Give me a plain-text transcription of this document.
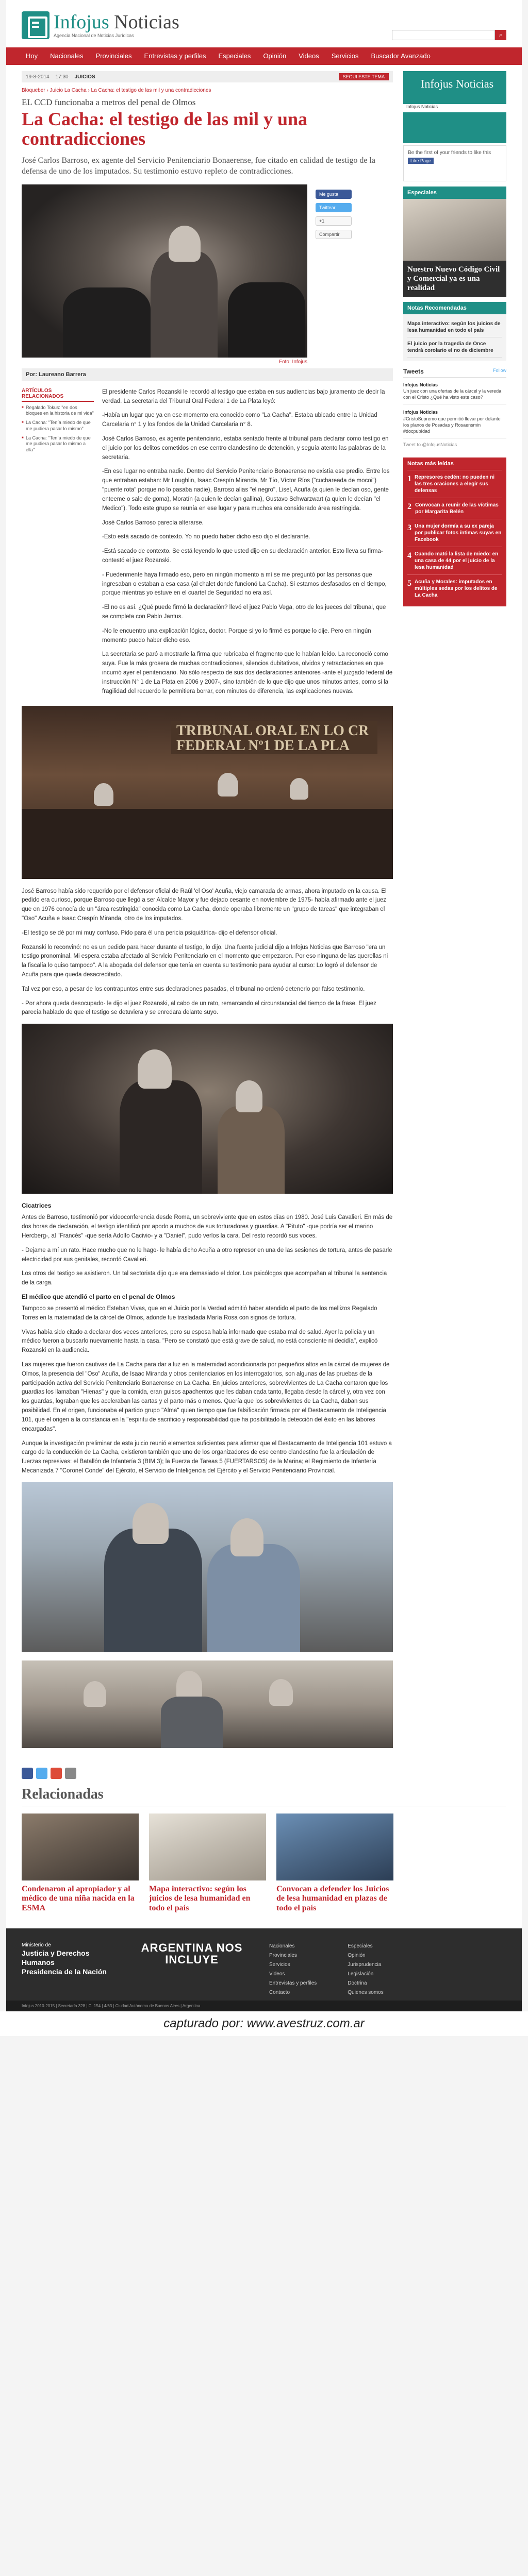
Infojus Noticias
Agencia Nacional de Noticias Jurídicas	⌕
Hoy	Nacionales	Provinciales	Entrevistas y perfiles	Especiales	Opinión	Videos	Servicios	Buscador Avanzado
19-8-2014 17:30 JUICIOS	SEGUI ESTE TEMA
Bloqueber › Juicio La Cacha › La Cacha: el testigo de las mil y una contradicciones
EL CCD funcionaba a metros del penal de Olmos
La Cacha: el testigo de las mil y una contradicciones
José Carlos Barroso, ex agente del Servicio Penitenciario Bonaerense, fue citado en calidad de testigo de la defensa de uno de los imputados. Su testimonio estuvo repleto de contradicciones.
Foto: Infojus
Me gusta
Twittear
+1
Compartir
Por: Laureano Barrera
ARTÍCULOS RELACIONADOS
■ Regalado Tokus: "en dos bloques en la historia de mi vida"
■ La Cacha: "Tenía miedo de que me pudiera pasar lo mismo"
■ La Cacha: "Tenía miedo de que me pudiera pasar lo mismo a ella"

El presidente Carlos Rozanski le recordó al testigo que estaba en sus audiencias bajo juramento de decir la verdad. La secretaria del Tribunal Oral Federal 1 de La Plata leyó:

-Había un lugar que ya en ese momento era conocido como "La Cacha". Estaba ubicado entre la Unidad Carcelaria n° 1 y los fondos de la Unidad Carcelaria n° 8.

José Carlos Barroso, ex agente penitenciario, estaba sentado frente al tribunal para declarar como testigo en el juicio por los delitos cometidos en ese centro clandestino de detención, y seguía atento las palabras de la secretaria.

-En ese lugar no entraba nadie. Dentro del Servicio Penitenciario Bonaerense no existía ese predio. Entre los que entraban estaban: Mr Loughlin, Isaac Crespín Miranda, Mr Tío, Víctor Ríos ("cuchareada de mocoi") "puente rota" porque no lo pasaba nadie), Barroso alias "el negro", Lisel, Acuña (a quien le decían oso, gente enteeme o sale de goma), Moratín (a quien le decían gallina), Gustavo Schwarzwart (a quien le decían "el Medico"). Todo este grupo se reunía en ese lugar y para muchos era considerado área restringida.

José Carlos Barroso parecía alterarse.

-Esto está sacado de contexto. Yo no puedo haber dicho eso dijo el declarante.

-Está sacado de contexto. Se está leyendo lo que usted dijo en su declaración anterior. Esto lleva su firma- contestó el juez Rozanski.

- Puedenmente haya firmado eso, pero en ningún momento a mí se me preguntó por las personas que ingresaban o estaban a esa casa (al chalet donde funcionó La Cacha). Si estamos desfasados en el tiempo, porque mientras yo estuve en el cuartel de Seguridad no era así.

-El no es así. ¿Qué puede firmó la declaración? llevó el juez Pablo Vega, otro de los jueces del tribunal, que se completa con Pablo Jantus.

-No le encuentro una explicación lógica, doctor. Porque si yo lo firmé es porque lo dije. Pero en ningún momento puedo haber dicho eso.

La secretaria se paró a mostrarle la firma que rubricaba el fragmento que le habían leído. La reconoció como suya. Fue la más grosera de muchas contradicciones, silencios dubitativos, olvidos y retractaciones en que incurrió ayer el penitenciario. No sólo respecto de sus dos declaraciones anteriores -ante el juzgado federal de instrucción N° 1 de La Plata en 2006 y 2007-, sino también de lo que dijo que unos minutos antes, como si la fragilidad del recuerdo le permitiera borrar, con minutos de diferencia, las explicaciones nuevas.

TRIBUNAL ORAL EN LO CR
FEDERAL Nº1 DE LA PLA

José Barroso había sido requerido por el defensor oficial de Raúl 'el Oso' Acuña, viejo camarada de armas, ahora imputado en la causa. El pedido era curioso, porque Barroso que llegó a ser Alcalde Mayor y fue dejado cesante en noviembre de 1975- había afirmado ante el juez que en 1976 conocía de un "área restringida" conocida como La Cacha, donde operaba libremente un "grupo de tareas" que integraban el "Oso" Acuña e Isaac Crespín Miranda, otro de los imputados.

-El testigo se dé por mi muy confuso. Pido para él una pericia psiquiátrica- dijo el defensor oficial.

Rozanski lo reconvinó: no es un pedido para hacer durante el testigo, lo dijo. Una fuente judicial dijo a Infojus Noticias que Barroso "era un testigo pronominal. Mi espera estaba afectado al Servicio Penitenciario en el momento que empezaron. Por eso ninguna de las querellas ni la fiscalía lo quiso tampoco". A la abogada del defensor que tenía en cuenta su testimonio para ayudar al curso: Lo logró el defensor de Acuña para que queda desacreditado.

Tal vez por eso, a pesar de los contrapuntos entre sus declaraciones pasadas, el tribunal no ordenó detenerlo por falso testimonio.

- Por ahora queda desocupado- le dijo el juez Rozanski, al cabo de un rato, remarcando el circunstancial del tiempo de la frase. El juez parecía hablado de que el testigo se detuviera y se enredara delante suyo.

Cicatrices

Antes de Barroso, testimonió por videoconferencia desde Roma, un sobreviviente que en estos días en 1980. José Luis Cavalieri. En más de dos horas de declaración, el testigo identificó por apodo a muchos de sus torturadores y guardias. A "Pituto" -que podría ser el marino Hercberg-, al "Francés" -que sería Adolfo Cacivio- y a "Daniel", pudo verlos la cara. Del resto recordó sus voces.

- Dejame a mí un rato. Hace mucho que no le hago- le había dicho Acuña a otro represor en una de las sesiones de tortura, antes de pasarle electricidad por sus genitales, recordó Cavalieri.

Los otros del testigo se asistieron. Un tal sectorista dijo que era demasiado el dolor. Los psicólogos que acompañan al tribunal la sentencia de la carga.

El médico que atendió el parto en el penal de Olmos

Tampoco se presentó el médico Esteban Vivas, que en el Juicio por la Verdad admitió haber atendido el parto de los mellizos Regalado Torres en la maternidad de la cárcel de Olmos, adonde fue trasladada María Rosa con signos de tortura.

Vivas había sido citado a declarar dos veces anteriores, pero su esposa había informado que estaba mal de salud. Ayer la policía y un médico fueron a buscarlo nuevamente hasta la casa. "Pero se constató que está grave de salud, no está consciente ni decidía", explicó Rozanski en la audiencia.

Las mujeres que fueron cautivas de La Cacha para dar a luz en la maternidad acondicionada por pequeños altos en la cárcel de mujeres de Olmos, la presencia del "Oso" Acuña, de Isaac Miranda y otros penitenciarios en los interrogatorios, son algunas de las pruebas de la participación activa del Servicio Penitenciario Bonaerense en La Cacha. En juicios anteriores, sobrevivientes de La Cacha contaron que los guardias los llamaban "Hienas" y que la comida, eran guisos apachentos que les daban cada tanto, llegaba desde la cárcel y, otra vez con los guardas, lograban que les aceleraban las cartas y el parto más o menos. Quería que los sobrevivientes de La Cacha, daban sus posibilidad. En el origen, funcionaba el partido grupo "Alma" quien tiempo que fue falsificación firmada por el Destacamento de Inteligencia 101, que el origen a la constancia en la "espiritu de sacrificio y responsabilidad que ha posibilitado la detección del éxito en las labores encargadas".

Aunque la investigación preliminar de esta juicio reunió elementos suficientes para afirmar que el Destacamento de Inteligencia 101 estuvo a cargo de la conducción de La Cacha, existieron también que uno de los organizadores de ese centro clandestino fue la articulación de fuerzas represivas: el Batallón de Infantería 3 (BIM 3); la Fuerza de Tareas 5 (FUERTARSO5) de la Marina; el Regimiento de Infantería Mecanizada 7 "Coronel Conde" del Ejército, el Servicio de Inteligencia del Ejército y el Servicio Penitenciario Provincial.

Infojus Noticias
Infojus Noticias
Be the first of your friends to like this
Like Page
Especiales
Nuestro Nuevo Código Civil y Comercial ya es una realidad
Notas Recomendadas
Mapa interactivo: según los juicios de lesa humanidad en todo el país
El juicio por la tragedia de Once tendrá corolario el no de diciembre
Tweets	Follow
Infojus Noticias
Un juez con una ofertas de la cárcel y la vereda con el Cristo ¿Qué ha visto este caso?
Infojus Noticias
#CristoSupremo que permitió llevar por delante los planos de Posadas y Rosaensmin #docpubIdad
Tweet to @InfojusNoticias
Notas más leídas
1 Represores cedén: no pueden ni las tres oraciones a elegir sus defensas
2 Convocan a reunir de las víctimas por Margarita Belén
3 Una mujer dormía a su ex pareja por publicar fotos íntimas suyas en Facebook
4 Cuando mató la lista de miedo: en una casa de 44 por el juicio de la lesa humanidad
5 Acuña y Morales: imputados en múltiples sedas por los delitos de La Cacha
Relacionadas
Condenaron al apropiador y al médico de una niña nacida en la ESMA
Mapa interactivo: según los juicios de lesa humanidad en todo el país
Convocan a defender los Juicios de lesa humanidad en plazas de todo el país
Ministerio de
Justicia y Derechos Humanos
Presidencia de la Nación
ARGENTINA NOS INCLUYE
Nacionales
Provinciales
Servicios
Videos
Entrevistas y perfiles
Contacto
Especiales
Opinión
Jurisprudencia
Legislación
Doctrina
Quienes somos
Infojus 2010-2015 | Secretaría 328 | C. 154 | 4/63 | Ciudad Autónoma de Buenos Aires | Argentina
capturado por: www.avestruz.com.ar
